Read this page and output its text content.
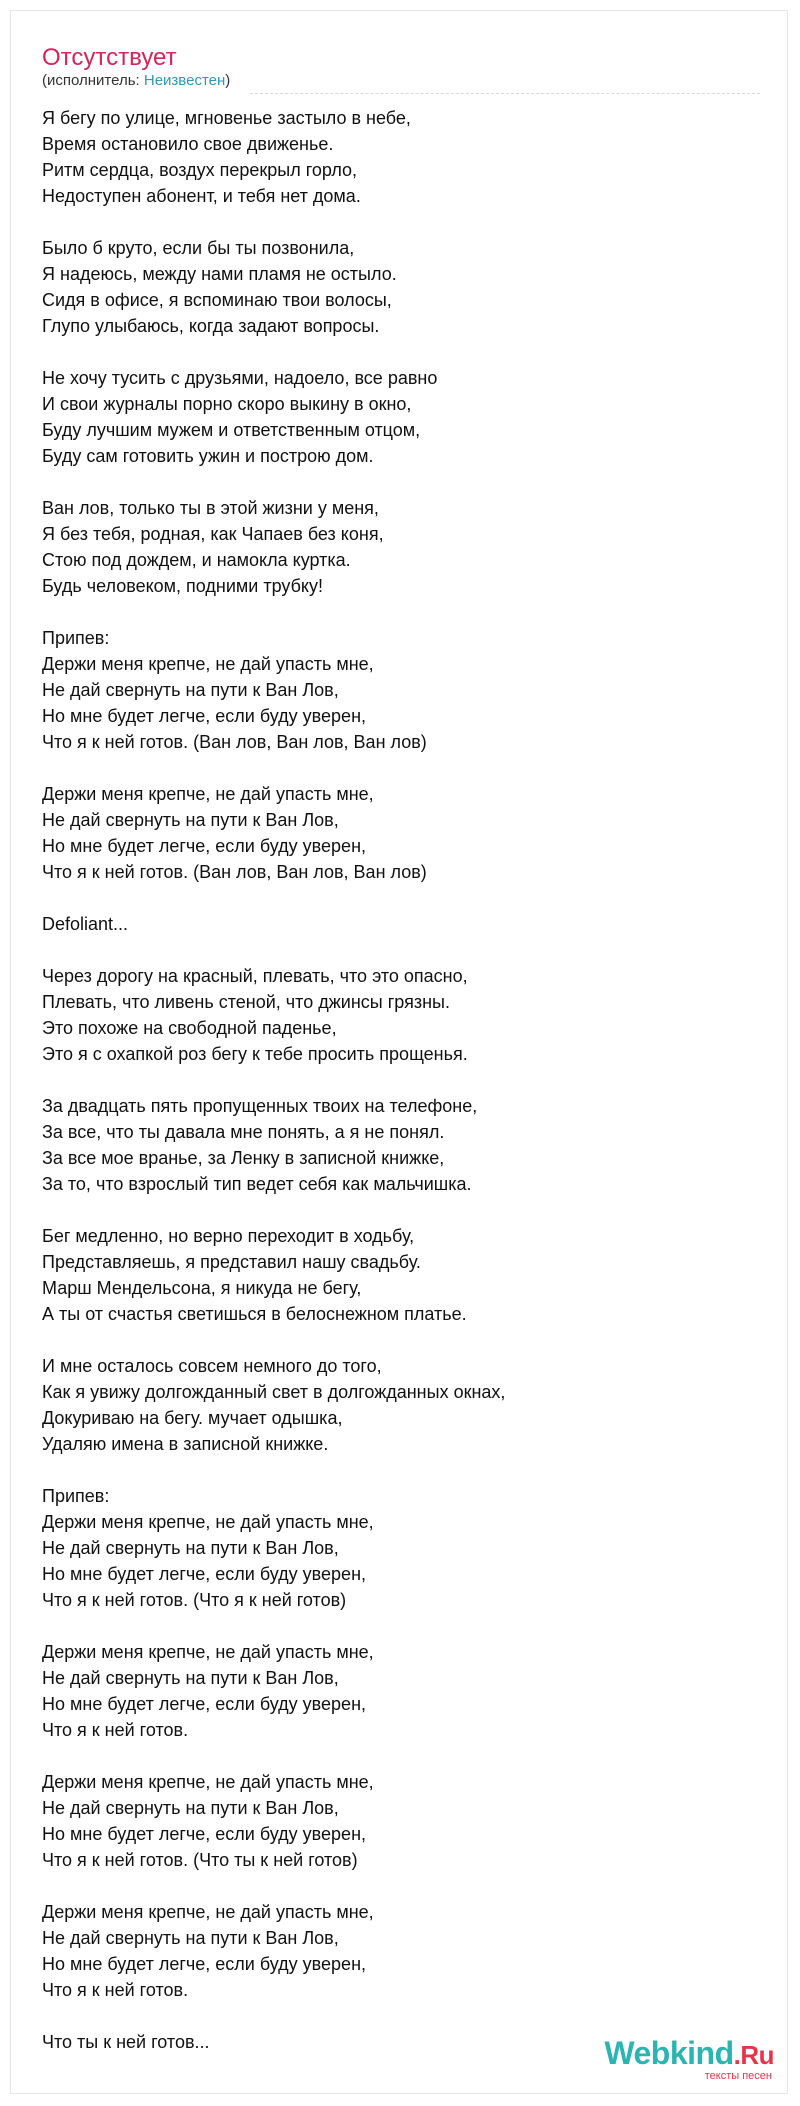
Отсутствует
(исполнитель: Неизвестен)
Я бегу по улице, мгновенье застыло в небе,
Время остановило свое движенье.
Ритм сердца, воздух перекрыл горло,
Недоступен абонент, и тебя нет дома.
Было б круто, если бы ты позвонила,
Я надеюсь, между нами пламя не остыло.
Сидя в офисе, я вспоминаю твои волосы,
Глупо улыбаюсь, когда задают вопросы.
Не хочу тусить с друзьями, надоело, все равно
И свои журналы порно скоро выкину в окно,
Буду лучшим мужем и ответственным отцом,
Буду сам готовить ужин и построю дом.
Ван лов, только ты в этой жизни у меня,
Я без тебя, родная, как Чапаев без коня,
Стою под дождем, и намокла куртка.
Будь человеком, подними трубку!
Припев:
Держи меня крепче, не дай упасть мне,
Не дай свернуть на пути к Ван Лов,
Но мне будет легче, если буду уверен,
Что я к ней готов. (Ван лов, Ван лов, Ван лов)
Держи меня крепче, не дай упасть мне,
Не дай свернуть на пути к Ван Лов,
Но мне будет легче, если буду уверен,
Что я к ней готов. (Ван лов, Ван лов, Ван лов)
Defoliant...
Через дорогу на красный, плевать, что это опасно,
Плевать, что ливень стеной, что джинсы грязны.
Это похоже на свободной паденье,
Это я с охапкой роз бегу к тебе просить прощенья.
За двадцать пять пропущенных твоих на телефоне,
За все, что ты давала мне понять, а я не понял.
За все мое вранье, за Ленку в записной книжке,
За то, что взрослый тип ведет себя как мальчишка.
Бег медленно, но верно переходит в ходьбу,
Представляешь, я представил нашу свадьбу.
Марш Мендельсона, я никуда не бегу,
А ты от счастья светишься в белоснежном платье.
И мне осталось совсем немного до того,
Как я увижу долгожданный свет в долгожданных окнах,
Докуриваю на бегу. мучает одышка,
Удаляю имена в записной книжке.
Припев:
Держи меня крепче, не дай упасть мне,
Не дай свернуть на пути к Ван Лов,
Но мне будет легче, если буду уверен,
Что я к ней готов. (Что я к ней готов)
Держи меня крепче, не дай упасть мне,
Не дай свернуть на пути к Ван Лов,
Но мне будет легче, если буду уверен,
Что я к ней готов.
Держи меня крепче, не дай упасть мне,
Не дай свернуть на пути к Ван Лов,
Но мне будет легче, если буду уверен,
Что я к ней готов. (Что ты к ней готов)
Держи меня крепче, не дай упасть мне,
Не дай свернуть на пути к Ван Лов,
Но мне будет легче, если буду уверен,
Что я к ней готов.
Что ты к ней готов...	Webkind.Ru
тексты песен
